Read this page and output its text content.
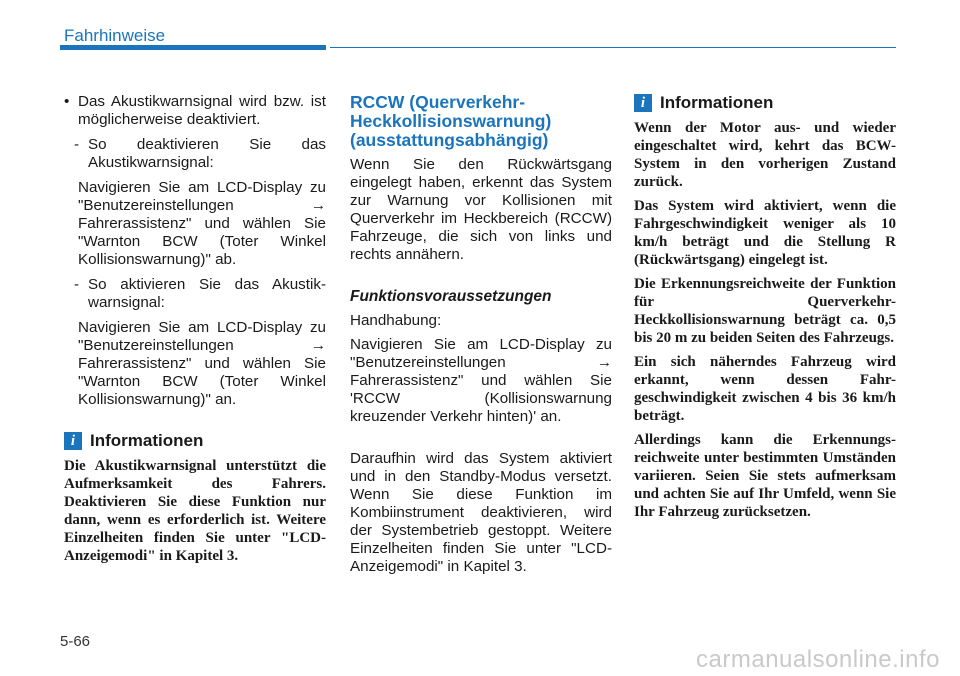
Fahrhinweise
• Das Akustikwarnsignal wird bzw. ist möglicherweise deaktiviert.

- So deaktivieren Sie das Akustikwarnsignal:

Navigieren Sie am LCD-Display zu "Benutzereinstellungen	→

Fahrerassistenz" und wählen Sie "Warnton BCW (Toter Winkel Kollisionswarnung)" ab.

- So aktivieren Sie das Akustik-warnsignal:

Navigieren Sie am LCD-Display zu "Benutzereinstellungen	→

Fahrerassistenz" und wählen Sie "Warnton BCW (Toter Winkel Kollisionswarnung)" an.

i Informationen

Die Akustikwarnsignal unterstützt die Aufmerksamkeit des Fahrers. Deaktivieren Sie diese Funktion nur dann, wenn es erforderlich ist. Weitere Einzelheiten finden Sie unter "LCD-Anzeigemodi" in Kapitel 3.

RCCW (Querverkehr-Heckkollisionswarnung) (ausstattungsabhängig)

Wenn Sie den Rückwärtsgang eingelegt haben, erkennt das System zur Warnung vor Kollisionen mit Querverkehr im Heckbereich (RCCW) Fahrzeuge, die sich von links und rechts annähern.

Funktionsvoraussetzungen

Handhabung:

Navigieren Sie am LCD-Display zu "Benutzereinstellungen	→

Fahrerassistenz" und wählen Sie 'RCCW (Kollisionswarnung kreuzender Verkehr hinten)' an.

Daraufhin wird das System aktiviert und in den Standby-Modus versetzt. Wenn Sie diese Funktion im Kombiinstrument deaktivieren, wird der Systembetrieb gestoppt. Weitere Einzelheiten finden Sie unter "LCD-Anzeigemodi" in Kapitel 3.

i Informationen

Wenn der Motor aus- und wieder eingeschaltet wird, kehrt das BCW-System in den vorherigen Zustand zurück.

Das System wird aktiviert, wenn die Fahrgeschwindigkeit weniger als 10 km/h beträgt und die Stellung R (Rückwärtsgang) eingelegt ist.

Die Erkennungsreichweite der Funktion für Querverkehr-Heckkollisionswarnung beträgt ca. 0,5 bis 20 m zu beiden Seiten des Fahrzeugs.

Ein sich näherndes Fahrzeug wird erkannt, wenn dessen Fahr-geschwindigkeit zwischen 4 bis 36 km/h beträgt.

Allerdings kann die Erkennungs-reichweite unter bestimmten Umständen variieren. Seien Sie stets aufmerksam und achten Sie auf Ihr Umfeld, wenn Sie Ihr Fahrzeug zurücksetzen.

5-66
carmanualsonline.info
